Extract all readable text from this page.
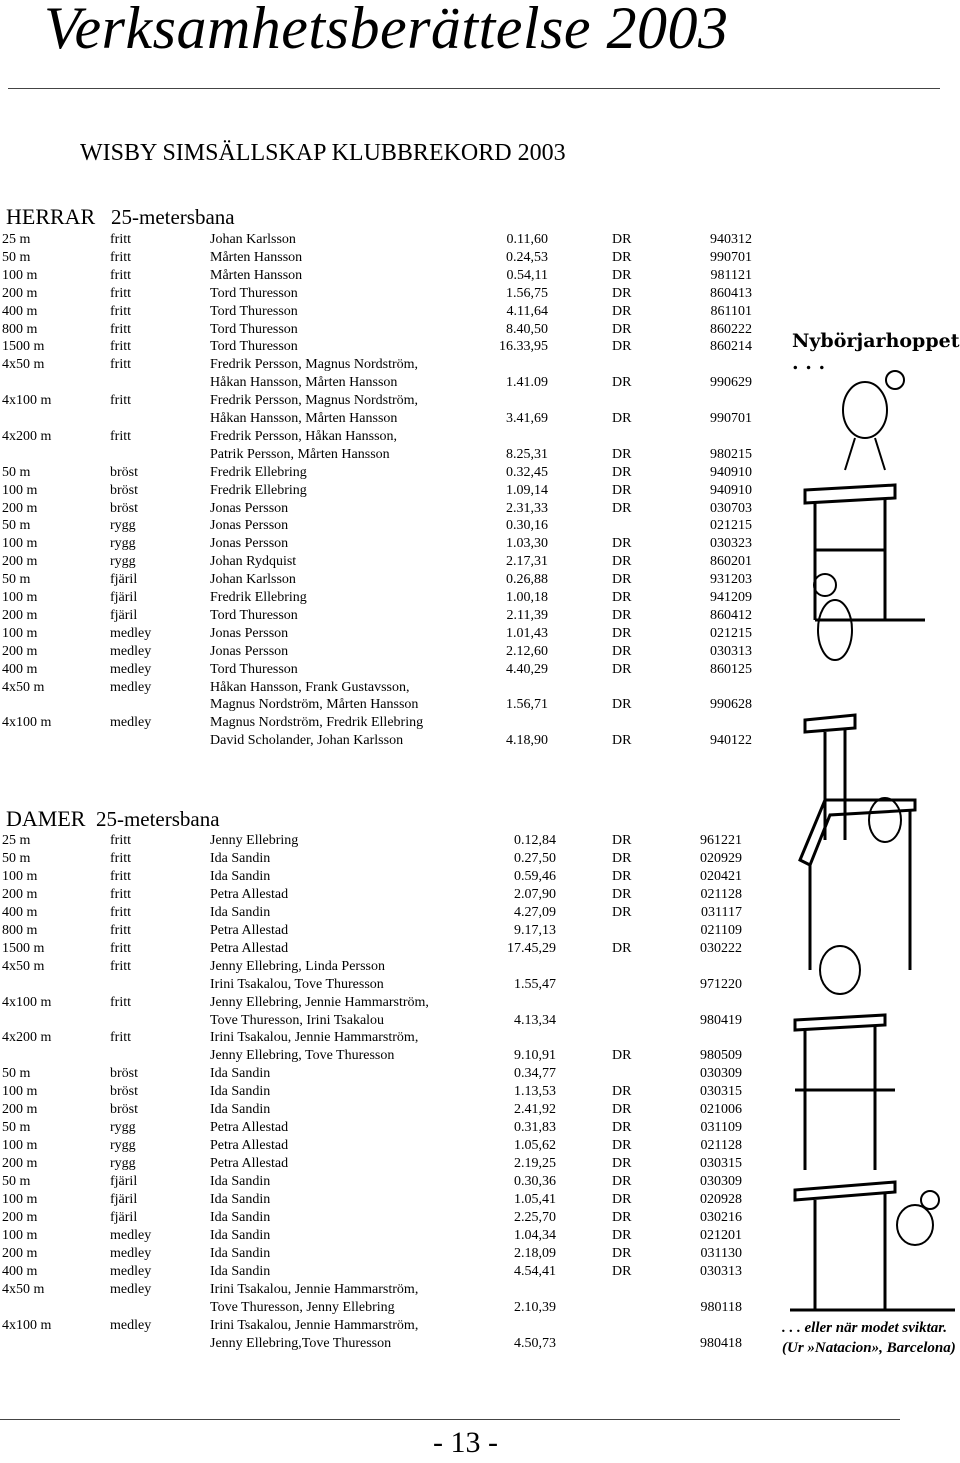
Verksamhetsberättelse 2003
WISBY SIMSÄLLSKAP KLUBBREKORD 2003
HERRAR 25-metersbana
25 m	fritt	Johan Karlsson	0.11,60	DR	940312
50 m	fritt	Mårten Hansson	0.24,53	DR	990701
100 m	fritt	Mårten Hansson	0.54,11	DR	981121
200 m	fritt	Tord Thuresson	1.56,75	DR	860413
400 m	fritt	Tord Thuresson	4.11,64	DR	861101
800 m	fritt	Tord Thuresson	8.40,50	DR	860222
1500 m	fritt	Tord Thuresson	16.33,95	DR	860214
4x50 m	fritt	Fredrik Persson, Magnus Nordström,
Håkan Hansson, Mårten Hansson	1.41.09	DR	990629
4x100 m	fritt	Fredrik Persson, Magnus Nordström,
Håkan Hansson, Mårten Hansson	3.41,69	DR	990701
4x200 m	fritt	Fredrik Persson, Håkan Hansson,
Patrik Persson, Mårten Hansson	8.25,31	DR	980215
50 m	bröst	Fredrik Ellebring	0.32,45	DR	940910
100 m	bröst	Fredrik Ellebring	1.09,14	DR	940910
200 m	bröst	Jonas Persson	2.31,33	DR	030703
50 m	rygg	Jonas Persson	0.30,16	021215
100 m	rygg	Jonas Persson	1.03,30	DR	030323
200 m	rygg	Johan Rydquist	2.17,31	DR	860201
50 m	fjäril	Johan Karlsson	0.26,88	DR	931203
100 m	fjäril	Fredrik Ellebring	1.00,18	DR	941209
200 m	fjäril	Tord Thuresson	2.11,39	DR	860412
100 m	medley	Jonas Persson	1.01,43	DR	021215
200 m	medley	Jonas Persson	2.12,60	DR	030313
400 m	medley	Tord Thuresson	4.40,29	DR	860125
4x50 m	medley	Håkan Hansson, Frank Gustavsson,
Magnus Nordström, Mårten Hansson	1.56,71	DR	990628
4x100 m	medley	Magnus Nordström, Fredrik Ellebring
David Scholander, Johan Karlsson	4.18,90	DR	940122
DAMER 25-metersbana
25 m	fritt	Jenny Ellebring	0.12,84	DR	961221
50 m	fritt	Ida Sandin	0.27,50	DR	020929
100 m	fritt	Ida Sandin	0.59,46	DR	020421
200 m	fritt	Petra Allestad	2.07,90	DR	021128
400 m	fritt	Ida Sandin	4.27,09	DR	031117
800 m	fritt	Petra Allestad	9.17,13	021109
1500 m	fritt	Petra Allestad	17.45,29	DR	030222
4x50 m	fritt	Jenny Ellebring, Linda Persson
Irini Tsakalou, Tove Thuresson	1.55,47	971220
4x100 m	fritt	Jenny Ellebring, Jennie Hammarström,
Tove Thuresson, Irini Tsakalou	4.13,34	980419
4x200 m	fritt	Irini Tsakalou, Jennie Hammarström,
Jenny Ellebring, Tove Thuresson	9.10,91	DR	980509
50 m	bröst	Ida Sandin	0.34,77	030309
100 m	bröst	Ida Sandin	1.13,53	DR	030315
200 m	bröst	Ida Sandin	2.41,92	DR	021006
50 m	rygg	Petra Allestad	0.31,83	DR	031109
100 m	rygg	Petra Allestad	1.05,62	DR	021128
200 m	rygg	Petra Allestad	2.19,25	DR	030315
50 m	fjäril	Ida Sandin	0.30,36	DR	030309
100 m	fjäril	Ida Sandin	1.05,41	DR	020928
200 m	fjäril	Ida Sandin	2.25,70	DR	030216
100 m	medley	Ida Sandin	1.04,34	DR	021201
200 m	medley	Ida Sandin	2.18,09	DR	031130
400 m	medley	Ida Sandin	4.54,41	DR	030313
4x50 m	medley	Irini Tsakalou, Jennie Hammarström,
Tove Thuresson, Jenny Ellebring	2.10,39	980118
4x100 m	medley	Irini Tsakalou, Jennie Hammarström,
Jenny Ellebring,Tove Thuresson	4.50,73	980418
Nybörjarhoppet . . .
. . . eller när modet sviktar.
(Ur »Natacion», Barcelona)
- 13 -
